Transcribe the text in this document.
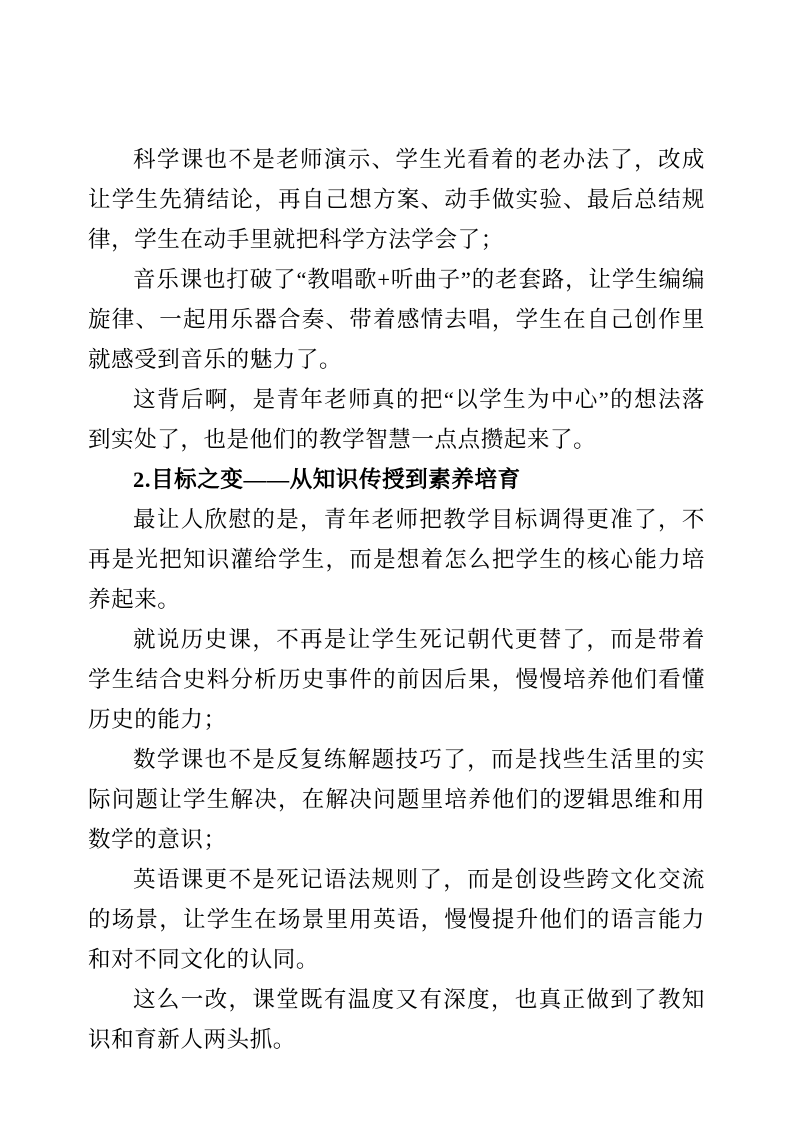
科学课也不是老师演示、学生光看着的老办法了，改成让学生先猜结论，再自己想方案、动手做实验、最后总结规律，学生在动手里就把科学方法学会了；

音乐课也打破了“教唱歌+听曲子”的老套路，让学生编编旋律、一起用乐器合奏、带着感情去唱，学生在自己创作里就感受到音乐的魅力了。

这背后啊，是青年老师真的把“以学生为中心”的想法落到实处了，也是他们的教学智慧一点点攒起来了。

2.目标之变——从知识传授到素养培育

最让人欣慰的是，青年老师把教学目标调得更准了，不再是光把知识灌给学生，而是想着怎么把学生的核心能力培养起来。

就说历史课，不再是让学生死记朝代更替了，而是带着学生结合史料分析历史事件的前因后果，慢慢培养他们看懂历史的能力；

数学课也不是反复练解题技巧了，而是找些生活里的实际问题让学生解决，在解决问题里培养他们的逻辑思维和用数学的意识；

英语课更不是死记语法规则了，而是创设些跨文化交流的场景，让学生在场景里用英语，慢慢提升他们的语言能力和对不同文化的认同。

这么一改，课堂既有温度又有深度，也真正做到了教知识和育新人两头抓。
